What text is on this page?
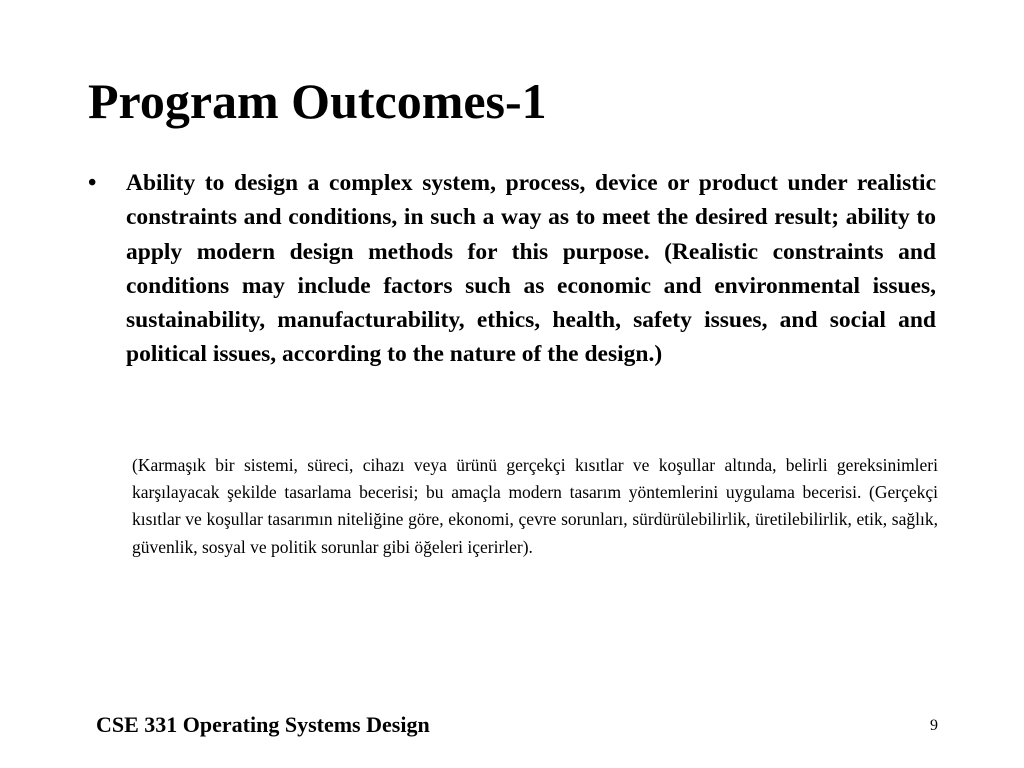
Program Outcomes-1
• Ability to design a complex system, process, device or product under realistic constraints and conditions, in such a way as to meet the desired result; ability to apply modern design methods for this purpose. (Realistic constraints and conditions may include factors such as economic and environmental issues, sustainability, manufacturability, ethics, health, safety issues, and social and political issues, according to the nature of the design.)

(Karmaşık bir sistemi, süreci, cihazı veya ürünü gerçekçi kısıtlar ve koşullar altında, belirli gereksinimleri karşılayacak şekilde tasarlama becerisi; bu amaçla modern tasarım yöntemlerini uygulama becerisi. (Gerçekçi kısıtlar ve koşullar tasarımın niteliğine göre, ekonomi, çevre sorunları, sürdürülebilirlik, üretilebilirlik, etik, sağlık, güvenlik, sosyal ve politik sorunlar gibi öğeleri içerirler).

CSE 331 Operating Systems Design	9
